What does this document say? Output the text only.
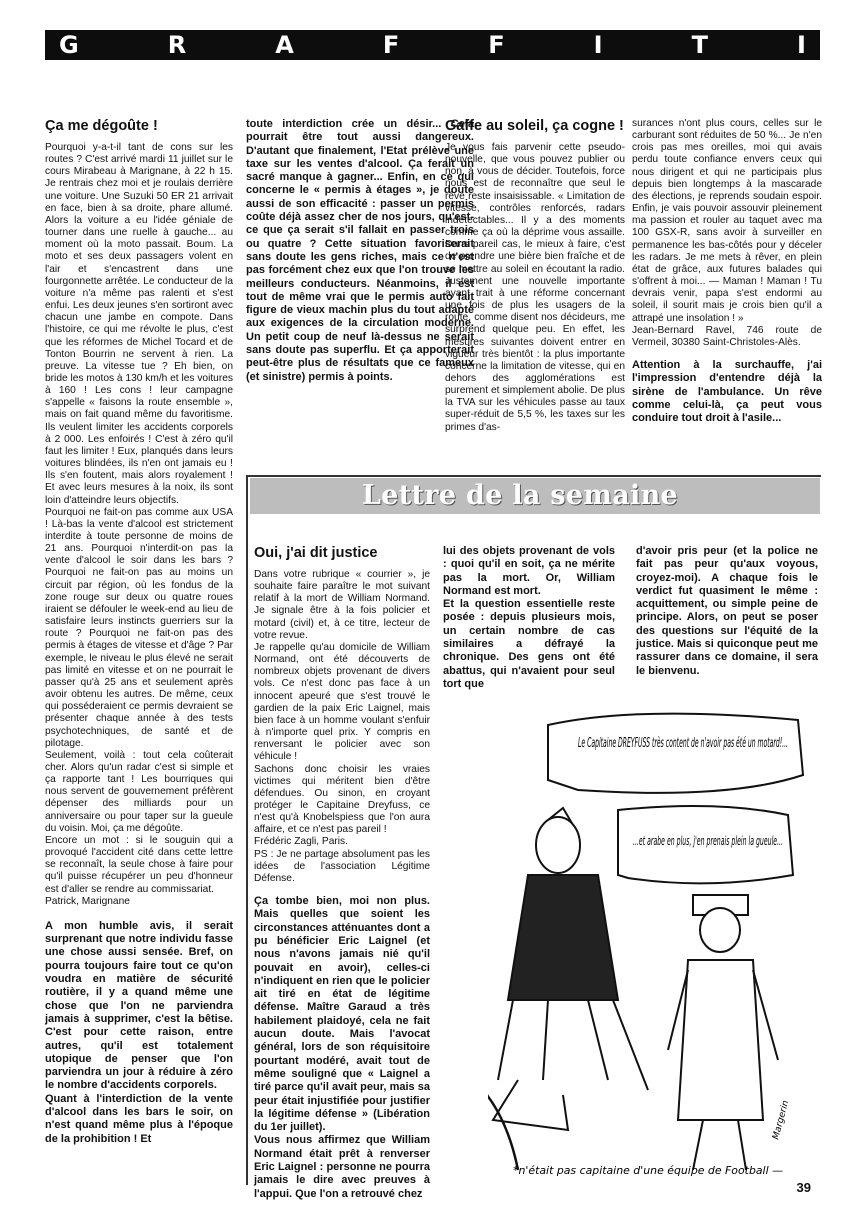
G	R	A	F	F	I	T	I
Ça me dégoûte !

Pourquoi y-a-t-il tant de cons sur les routes ? C'est arrivé mardi 11 juillet sur le cours Mirabeau à Marignane, à 22 h 15. Je rentrais chez moi et je roulais derrière une voiture. Une Suzuki 50 ER 21 arrivait en face, bien à sa droite, phare allumé. Alors la voiture a eu l'idée géniale de tourner dans une ruelle à gauche... au moment où la moto passait. Boum. La moto et ses deux passagers volent en l'air et s'encastrent dans une fourgonnette arrêtée. Le conducteur de la voiture n'a même pas ralenti et s'est enfui. Les deux jeunes s'en sortiront avec chacun une jambe en compote. Dans l'histoire, ce qui me révolte le plus, c'est que les réformes de Michel Tocard et de Tonton Bourrin ne servent à rien. La preuve. La vitesse tue ? Eh bien, on bride les motos à 130 km/h et les voitures à 160 ! Les cons ! leur campagne s'appelle « faisons la route ensemble », mais on fait quand même du favoritisme. Ils veulent limiter les accidents corporels à 2 000. Les enfoirés ! C'est à zéro qu'il faut les limiter ! Eux, planqués dans leurs voitures blindées, ils n'en ont jamais eu ! Ils s'en foutent, mais alors royalement ! Et avec leurs mesures à la noix, ils sont loin d'atteindre leurs objectifs.

Pourquoi ne fait-on pas comme aux USA ! Là-bas la vente d'alcool est strictement interdite à toute personne de moins de 21 ans. Pourquoi n'interdit-on pas la vente d'alcool le soir dans les bars ? Pourquoi ne fait-on pas au moins un circuit par région, où les fondus de la zone rouge sur deux ou quatre roues iraient se défouler le week-end au lieu de satisfaire leurs instincts guerriers sur la route ? Pourquoi ne fait-on pas des permis à étages de vitesse et d'âge ? Par exemple, le niveau le plus élevé ne serait pas limité en vitesse et on ne pourrait le passer qu'à 25 ans et seulement après avoir obtenu les autres. De même, ceux qui posséderaient ce permis devraient se présenter chaque année à des tests psychotechniques, de santé et de pilotage.

Seulement, voilà : tout cela coûterait cher. Alors qu'un radar c'est si simple et ça rapporte tant ! Les bourriques qui nous servent de gouvernement préfèrent dépenser des milliards pour un anniversaire ou pour taper sur la gueule du voisin. Moi, ça me dégoûte.

Encore un mot : si le souguin qui a provoqué l'accident cité dans cette lettre se reconnaît, la seule chose à faire pour qu'il puisse récupérer un peu d'honneur est d'aller se rendre au commissariat.

Patrick, Marignane

A mon humble avis, il serait surprenant que notre individu fasse une chose aussi sensée. Bref, on pourra toujours faire tout ce qu'on voudra en matière de sécurité routière, il y a quand même une chose que l'on ne parviendra jamais à supprimer, c'est la bêtise. C'est pour cette raison, entre autres, qu'il est totalement utopique de penser que l'on parviendra un jour à réduire à zéro le nombre d'accidents corporels.

Quant à l'interdiction de la vente d'alcool dans les bars le soir, on n'est quand même plus à l'époque de la prohibition ! Et

toute interdiction crée un désir... Cela pourrait être tout aussi dangereux. D'autant que finalement, l'Etat prélève une taxe sur les ventes d'alcool. Ça ferait un sacré manque à gagner... Enfin, en ce qui concerne le « permis à étages », je doute aussi de son efficacité : passer un permis coûte déjà assez cher de nos jours, qu'est-ce que ça serait s'il fallait en passer trois ou quatre ? Cette situation favoriserait sans doute les gens riches, mais ce n'est pas forcément chez eux que l'on trouve les meilleurs conducteurs. Néanmoins, il est tout de même vrai que le permis auto fait figure de vieux machin plus du tout adapté aux exigences de la circulation moderne. Un petit coup de neuf là-dessus ne serait sans doute pas superflu. Et ça apporterait peut-être plus de résultats que ce fameux (et sinistre) permis à points.

Gaffe au soleil, ça cogne !

Je vous fais parvenir cette pseudo-nouvelle, que vous pouvez publier ou non, à vous de décider. Toutefois, force nous est de reconnaître que seul le rêve reste insaisissable. « Limitation de vitesse, contrôles renforcés, radars indétectables... Il y a des moments comme ça où la déprime vous assaille. Dans pareil cas, le mieux à faire, c'est de prendre une bière bien fraîche et de se mettre au soleil en écoutant la radio. Justement une nouvelle importante ayant trait à une réforme concernant une fois de plus les usagers de la route, comme disent nos décideurs, me surprend quelque peu. En effet, les mesures suivantes doivent entrer en vigueur très bientôt : la plus importante concerne la limitation de vitesse, qui en dehors des agglomérations est purement et simplement abolie. De plus la TVA sur les véhicules passe au taux super-réduit de 5,5 %, les taxes sur les primes d'as-

surances n'ont plus cours, celles sur le carburant sont réduites de 50 %... Je n'en crois pas mes oreilles, moi qui avais perdu toute confiance envers ceux qui nous dirigent et qui ne participais plus depuis bien longtemps à la mascarade des élections, je reprends soudain espoir. Enfin, je vais pouvoir assouvir pleinement ma passion et rouler au taquet avec ma 100 GSX-R, sans avoir à surveiller en permanence les bas-côtés pour y déceler les radars. Je me mets à rêver, en plein état de grâce, aux futures balades qui s'offrent à moi... — Maman ! Maman ! Tu devrais venir, papa s'est endormi au soleil, il sourit mais je crois bien qu'il a attrapé une insolation ! »

Jean-Bernard Ravel, 746 route de Vermeil, 30380 Saint-Christoles-Alès.

Attention à la surchauffe, j'ai l'impression d'entendre déjà la sirène de l'ambulance. Un rêve comme celui-là, ça peut vous conduire tout droit à l'asile...

Lettre de la semaine
Oui, j'ai dit justice

Dans votre rubrique « courrier », je souhaite faire paraître le mot suivant relatif à la mort de William Normand. Je signale être à la fois policier et motard (civil) et, à ce titre, lecteur de votre revue.

Je rappelle qu'au domicile de William Normand, ont été découverts de nombreux objets provenant de divers vols. Ce n'est donc pas face à un innocent apeuré que s'est trouvé le gardien de la paix Eric Laignel, mais bien face à un homme voulant s'enfuir à n'importe quel prix. Y compris en renversant le policier avec son véhicule !

Sachons donc choisir les vraies victimes qui méritent bien d'être défendues. Ou sinon, en croyant protéger le Capitaine Dreyfuss, ce n'est qu'à Knobelspiess que l'on aura affaire, et ce n'est pas pareil !

Frédéric Zagli, Paris.

PS : Je ne partage absolument pas les idées de l'association Légitime Défense.

Ça tombe bien, moi non plus. Mais quelles que soient les circonstances atténuantes dont a pu bénéficier Eric Laignel (et nous n'avons jamais nié qu'il pouvait en avoir), celles-ci n'indiquent en rien que le policier ait tiré en état de légitime défense. Maître Garaud a très habilement plaidoyé, cela ne fait aucun doute. Mais l'avocat général, lors de son réquisitoire pourtant modéré, avait tout de même souligné que « Laignel a tiré parce qu'il avait peur, mais sa peur était injustifiée pour justifier la légitime défense » (Libération du 1er juillet).

Vous nous affirmez que William Normand était prêt à renverser Eric Laignel : personne ne pourra jamais le dire avec preuves à l'appui. Que l'on a retrouvé chez

lui des objets provenant de vols : quoi qu'il en soit, ça ne mérite pas la mort. Or, William Normand est mort.

Et la question essentielle reste posée : depuis plusieurs mois, un certain nombre de cas similaires a défrayé la chronique. Des gens ont été abattus, qui n'avaient pour seul tort que

d'avoir pris peur (et la police ne fait pas peur qu'aux voyous, croyez-moi). A chaque fois le verdict fut quasiment le même : acquittement, ou simple peine de principe. Alors, on peut se poser des questions sur l'équité de la justice. Mais si quiconque peut me rassurer dans ce domaine, il sera le bienvenu.

Le Capitaine DREYFUSS très content de n'avoir pas été un motard!...
...et arabe en plus, j'en prenais plein la gueule...
Margerin
*n'était pas capitaine d'une équipe de Football —
39
